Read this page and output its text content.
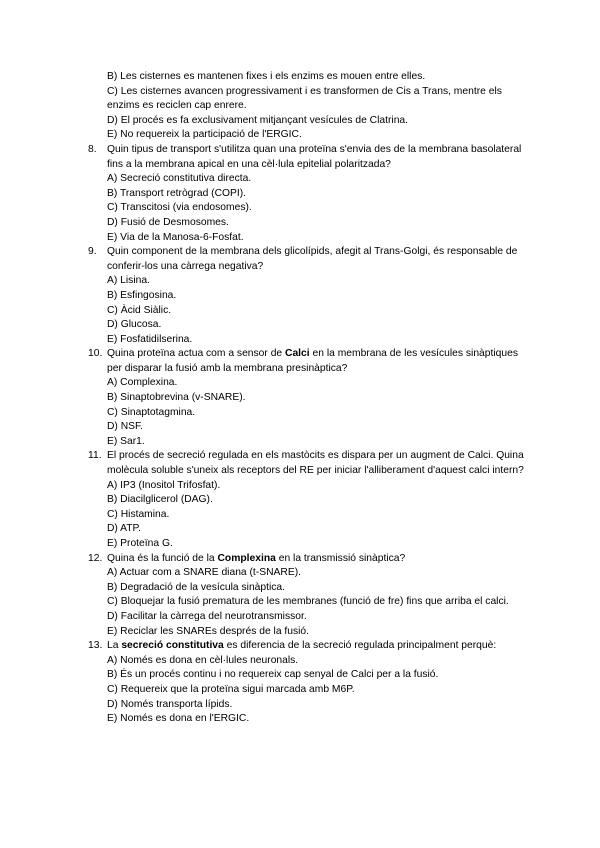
B) Les cisternes es mantenen fixes i els enzims es mouen entre elles.
C) Les cisternes avancen progressivament i es transformen de Cis a Trans, mentre els enzims es reciclen cap enrere.
D) El procés es fa exclusivament mitjançant vesícules de Clatrina.
E) No requereix la participació de l'ERGIC.
8. Quin tipus de transport s'utilitza quan una proteïna s'envia des de la membrana basolateral fins a la membrana apical en una cèl·lula epitelial polaritzada?
A) Secreció constitutiva directa.
B) Transport retrògrad (COPI).
C) Transcitosi (via endosomes).
D) Fusió de Desmosomes.
E) Via de la Manosa-6-Fosfat.
9. Quin component de la membrana dels glicolípids, afegit al Trans-Golgi, és responsable de conferir-los una càrrega negativa?
A) Lisina.
B) Esfingosina.
C) Àcid Siàlic.
D) Glucosa.
E) Fosfatidilserina.
10. Quina proteïna actua com a sensor de Calci en la membrana de les vesícules sinàptiques per disparar la fusió amb la membrana presinàptica?
A) Complexina.
B) Sinaptobrevina (v-SNARE).
C) Sinaptotagmina.
D) NSF.
E) Sar1.
11. El procés de secreció regulada en els mastòcits es dispara per un augment de Calci. Quina molècula soluble s'uneix als receptors del RE per iniciar l'alliberament d'aquest calci intern?
A) IP3 (Inositol Trifosfat).
B) Diacilglicerol (DAG).
C) Histamina.
D) ATP.
E) Proteïna G.
12. Quina és la funció de la Complexina en la transmissió sinàptica?
A) Actuar com a SNARE diana (t-SNARE).
B) Degradació de la vesícula sinàptica.
C) Bloquejar la fusió prematura de les membranes (funció de fre) fins que arriba el calci.
D) Facilitar la càrrega del neurotransmissor.
E) Reciclar les SNAREs després de la fusió.
13. La secreció constitutiva es diferencia de la secreció regulada principalment perquè:
A) Només es dona en cèl·lules neuronals.
B) És un procés continu i no requereix cap senyal de Calci per a la fusió.
C) Requereix que la proteïna sigui marcada amb M6P.
D) Només transporta lípids.
E) Només es dona en l'ERGIC.
